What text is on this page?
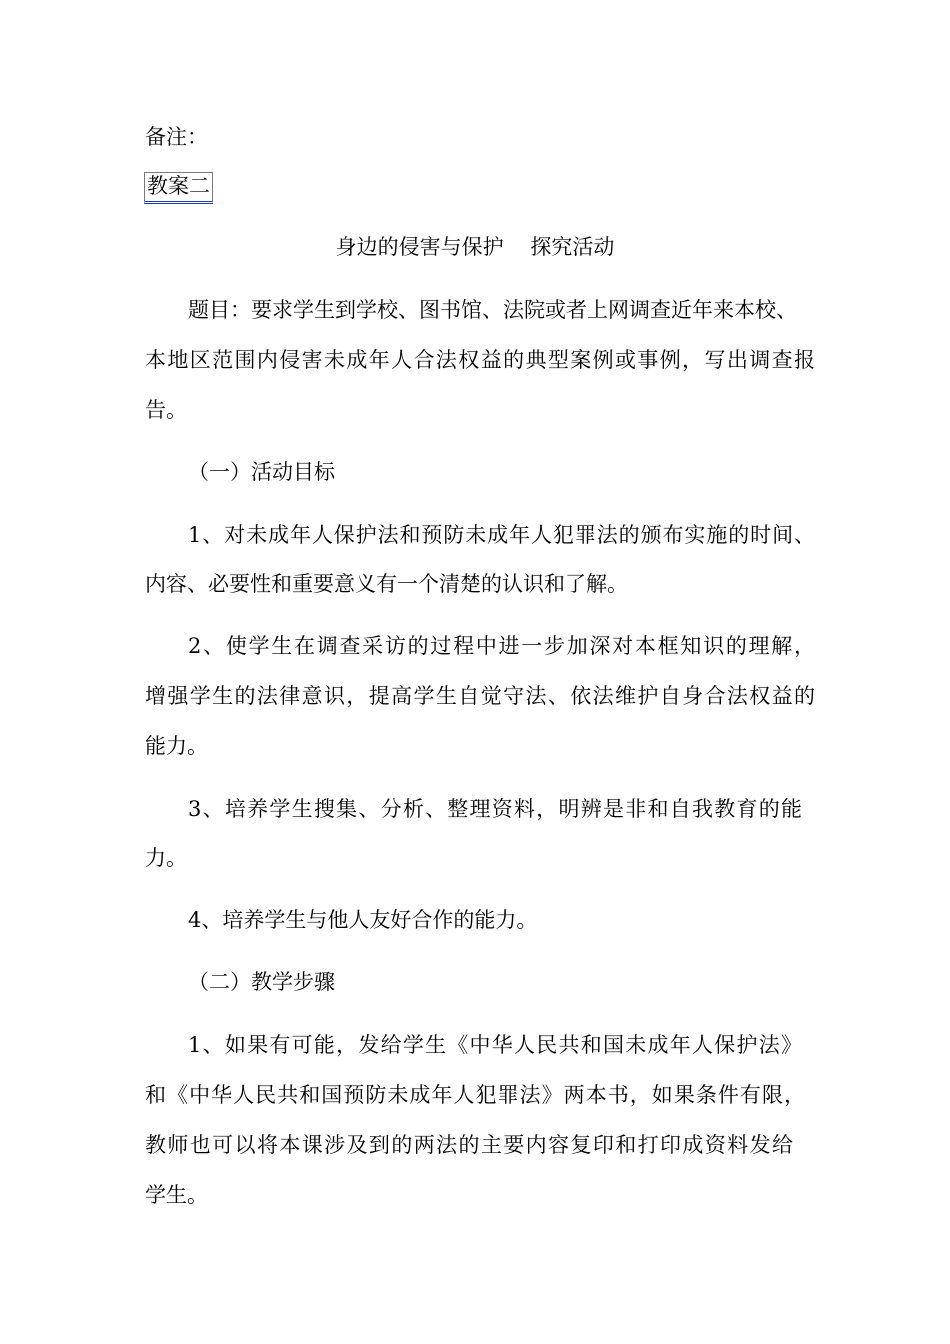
备注：
教案二
身边的侵害与保护    探究活动
题目：要求学生到学校、图书馆、法院或者上网调查近年来本校、
本地区范围内侵害未成年人合法权益的典型案例或事例，写出调查报
告。
（一）活动目标
1、对未成年人保护法和预防未成年人犯罪法的颁布实施的时间、
内容、必要性和重要意义有一个清楚的认识和了解。
2、使学生在调查采访的过程中进一步加深对本框知识的理解，
增强学生的法律意识，提高学生自觉守法、依法维护自身合法权益的
能力。
3、培养学生搜集、分析、整理资料，明辨是非和自我教育的能
力。
4、培养学生与他人友好合作的能力。
（二）教学步骤
1、如果有可能，发给学生《中华人民共和国未成年人保护法》
和《中华人民共和国预防未成年人犯罪法》两本书，如果条件有限，
教师也可以将本课涉及到的两法的主要内容复印和打印成资料发给
学生。
